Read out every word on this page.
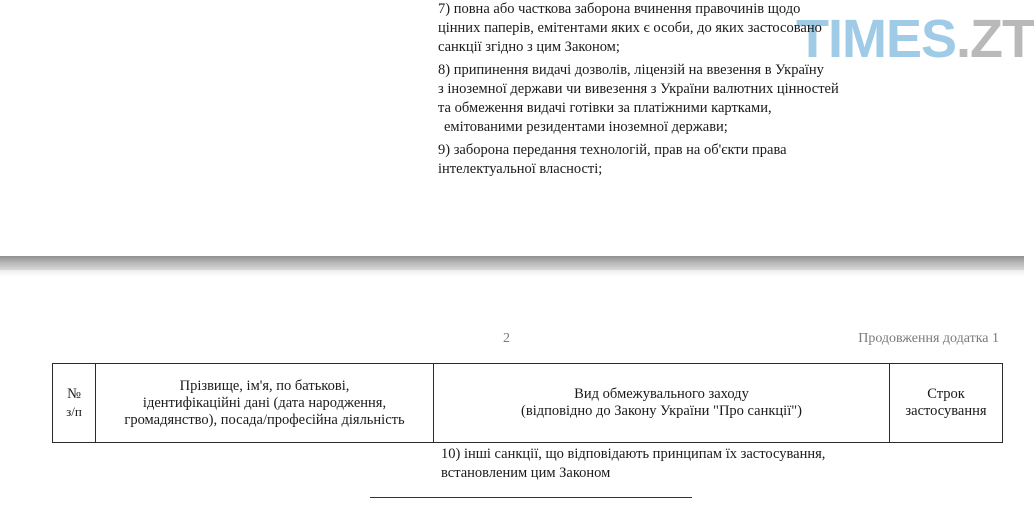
TIMES.ZT

7) повна або часткова заборона вчинення правочинів щодо
цінних паперів, емітентами яких є особи, до яких застосовано
санкції згідно з цим Законом;

8) припинення видачі дозволів, ліцензій на ввезення в Україну
з іноземної держави чи вивезення з України валютних цінностей
та обмеження видачі готівки за платіжними картками,
емітованими резидентами іноземної держави;

9) заборона передання технологій, прав на об'єкти права
інтелектуальної власності;

2	Продовження додатка 1
№
з/п

Прізвище, ім'я, по батькові,
ідентифікаційні дані (дата народження,
громадянство), посада/професійна діяльність

Вид обмежувального заходу
(відповідно до Закону України "Про санкції")

Строк
застосування
10) інші санкції, що відповідають принципам їх застосування,
встановленим цим Законом
